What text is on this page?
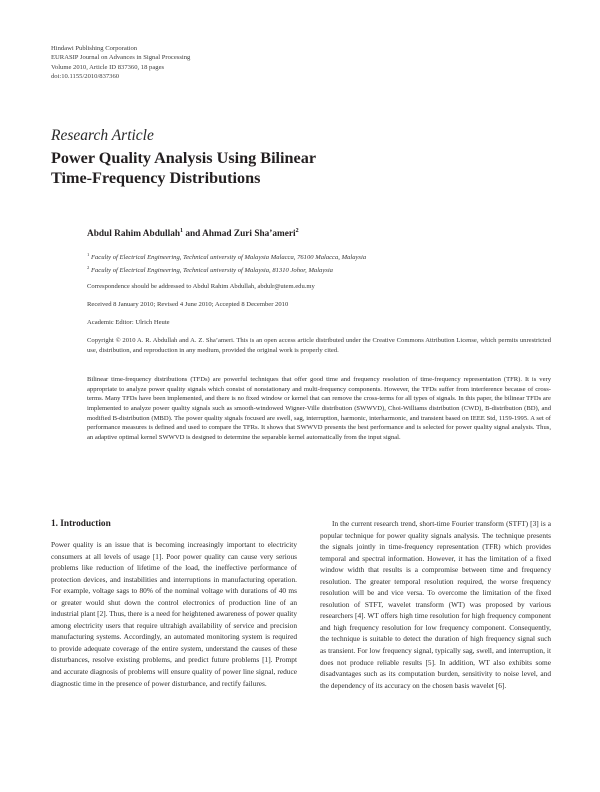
Hindawi Publishing Corporation
EURASIP Journal on Advances in Signal Processing
Volume 2010, Article ID 837360, 18 pages
doi:10.1155/2010/837360
Research Article
Power Quality Analysis Using Bilinear
Time-Frequency Distributions
Abdul Rahim Abdullah$^1$ and Ahmad Zuri Sha’ameri$^2$
$^1$ Faculty of Electrical Engineering, Technical university of Malaysia Malacca, 76100 Malacca, Malaysia
$^2$ Faculty of Electrical Engineering, Technical university of Malaysia, 81310 Johor, Malaysia
Correspondence should be addressed to Abdul Rahim Abdullah, abdulr@utem.edu.my
Received 8 January 2010; Revised 4 June 2010; Accepted 8 December 2010
Academic Editor: Ulrich Heute
Copyright © 2010 A. R. Abdullah and A. Z. Sha’ameri. This is an open access article distributed under the Creative Commons Attribution License, which permits unrestricted use, distribution, and reproduction in any medium, provided the original work is properly cited.
Bilinear time-frequency distributions (TFDs) are powerful techniques that offer good time and frequency resolution of time-frequency representation (TFR). It is very appropriate to analyze power quality signals which consist of nonstationary and multi-frequency components. However, the TFDs suffer from interference because of cross-terms. Many TFDs have been implemented, and there is no fixed window or kernel that can remove the cross-terms for all types of signals. In this paper, the bilinear TFDs are implemented to analyze power quality signals such as smooth-windowed Wigner-Ville distribution (SWWVD), Choi-Williams distribution (CWD), B-distribution (BD), and modified B-distribution (MBD). The power quality signals focused are swell, sag, interruption, harmonic, interharmonic, and transient based on IEEE Std, 1159-1995. A set of performance measures is defined and used to compare the TFRs. It shows that SWWVD presents the best performance and is selected for power quality signal analysis. Thus, an adaptive optimal kernel SWWVD is designed to determine the separable kernel automatically from the input signal.
1. Introduction

Power quality is an issue that is becoming increasingly important to electricity consumers at all levels of usage [1]. Poor power quality can cause very serious problems like reduction of lifetime of the load, the ineffective performance of protection devices, and instabilities and interruptions in manufacturing operation. For example, voltage sags to 80% of the nominal voltage with durations of 40 ms or greater would shut down the control electronics of production line of an industrial plant [2]. Thus, there is a need for heightened awareness of power quality among electricity users that require ultrahigh availability of service and precision manufacturing systems. Accordingly, an automated monitoring system is required to provide adequate coverage of the entire system, understand the causes of these disturbances, resolve existing problems, and predict future problems [1]. Prompt and accurate diagnosis of problems will ensure quality of power line signal, reduce diagnostic time in the presence of power disturbance, and rectify failures.

In the current research trend, short-time Fourier transform (STFT) [3] is a popular technique for power quality signals analysis. The technique presents the signals jointly in time-frequency representation (TFR) which provides temporal and spectral information. However, it has the limitation of a fixed window width that results is a compromise between time and frequency resolution. The greater temporal resolution required, the worse frequency resolution will be and vice versa. To overcome the limitation of the fixed resolution of STFT, wavelet transform (WT) was proposed by various researchers [4]. WT offers high time resolution for high frequency component and high frequency resolution for low frequency component. Consequently, the technique is suitable to detect the duration of high frequency signal such as transient. For low frequency signal, typically sag, swell, and interruption, it does not produce reliable results [5]. In addition, WT also exhibits some disadvantages such as its computation burden, sensitivity to noise level, and the dependency of its accuracy on the chosen basis wavelet [6].
